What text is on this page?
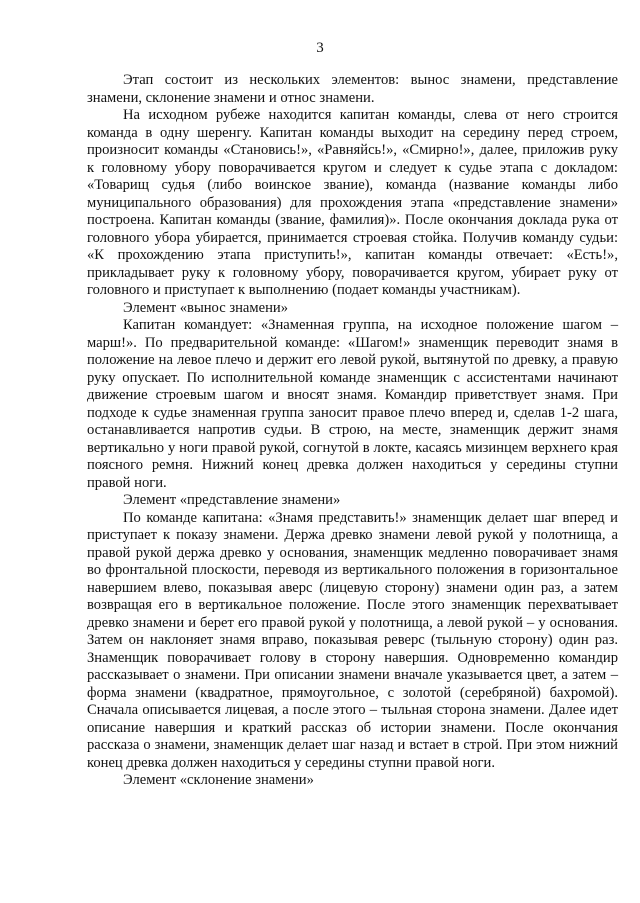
3

Этап состоит из нескольких элементов: вынос знамени, представление знамени, склонение знамени и относ знамени.

На исходном рубеже находится капитан команды, слева от него строится команда в одну шеренгу. Капитан команды выходит на середину перед строем, произносит команды «Становись!», «Равняйсь!», «Смирно!», далее, приложив руку к головному убору поворачивается кругом и следует к судье этапа с докладом: «Товарищ судья (либо воинское звание), команда (название команды либо муниципального образования) для прохождения этапа «представление знамени» построена. Капитан команды (звание, фамилия)». После окончания доклада рука от головного убора убирается, принимается строевая стойка. Получив команду судьи: «К прохождению этапа приступить!», капитан команды отвечает: «Есть!», прикладывает руку к головному убору, поворачивается кругом, убирает руку от головного и приступает к выполнению (подает команды участникам).

Элемент «вынос знамени»

Капитан командует: «Знаменная группа, на исходное положение шагом – марш!». По предварительной команде: «Шагом!» знаменщик переводит знамя в положение на левое плечо и держит его левой рукой, вытянутой по древку, а правую руку опускает. По исполнительной команде знаменщик с ассистентами начинают движение строевым шагом и вносят знамя. Командир приветствует знамя. При подходе к судье знаменная группа заносит правое плечо вперед и, сделав 1-2 шага, останавливается напротив судьи. В строю, на месте, знаменщик держит знамя вертикально у ноги правой рукой, согнутой в локте, касаясь мизинцем верхнего края поясного ремня. Нижний конец древка должен находиться у середины ступни правой ноги.

Элемент «представление знамени»

По команде капитана: «Знамя представить!» знаменщик делает шаг вперед и приступает к показу знамени. Держа древко знамени левой рукой у полотнища, а правой рукой держа древко у основания, знаменщик медленно поворачивает знамя во фронтальной плоскости, переводя из вертикального положения в горизонтальное навершием влево, показывая аверс (лицевую сторону) знамени один раз, а затем возвращая его в вертикальное положение. После этого знаменщик перехватывает древко знамени и берет его правой рукой у полотнища, а левой рукой – у основания. Затем он наклоняет знамя вправо, показывая реверс (тыльную сторону) один раз. Знаменщик поворачивает голову в сторону навершия. Одновременно командир рассказывает о знамени. При описании знамени вначале указывается цвет, а затем – форма знамени (квадратное, прямоугольное, с золотой (серебряной) бахромой). Сначала описывается лицевая, а после этого – тыльная сторона знамени. Далее идет описание навершия и краткий рассказ об истории знамени. После окончания рассказа о знамени, знаменщик делает шаг назад и встает в строй. При этом нижний конец древка должен находиться у середины ступни правой ноги.

Элемент «склонение знамени»
